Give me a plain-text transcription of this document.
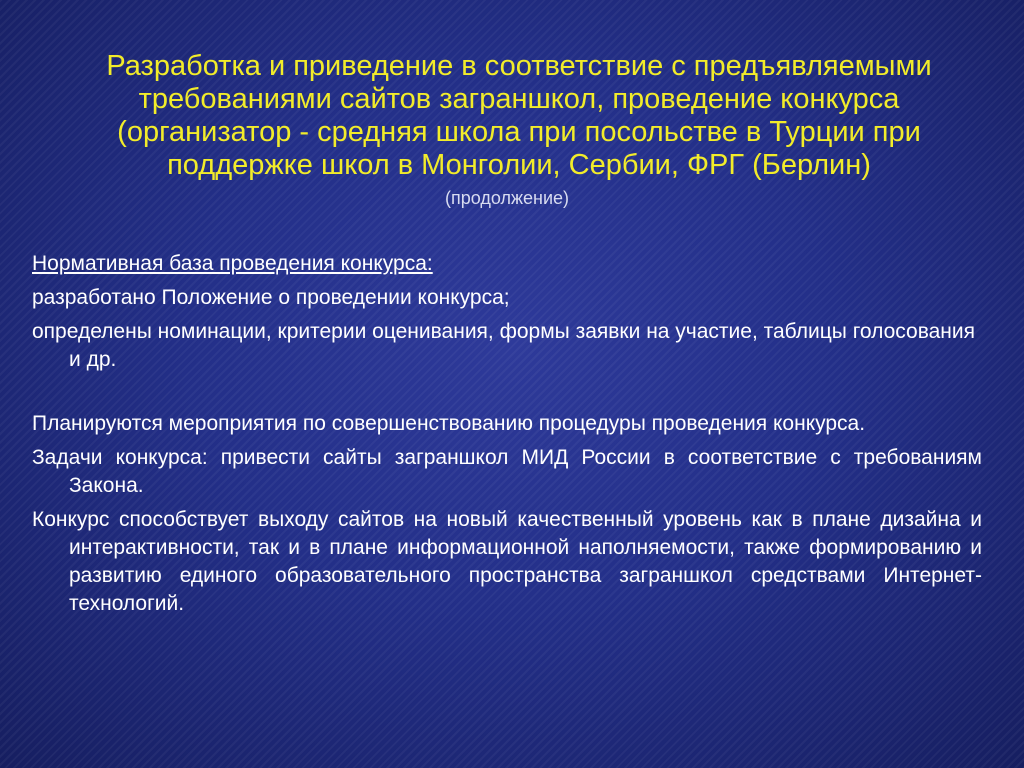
Разработка и приведение в соответствие с предъявляемыми
требованиями сайтов заграншкол, проведение конкурса
(организатор - средняя школа при посольстве в Турции при
поддержке школ в Монголии, Сербии, ФРГ (Берлин)
(продолжение)

Нормативная база проведения конкурса:

разработано Положение о проведении конкурса;

определены номинации, критерии оценивания, формы заявки на участие, таблицы голосования и др.

Планируются мероприятия по совершенствованию процедуры проведения конкурса.

Задачи конкурса: привести сайты заграншкол МИД России в соответствие с требованиям Закона.

Конкурс способствует выходу сайтов на новый качественный уровень как в плане дизайна и интерактивности, так и в плане информационной наполняемости, также формированию и развитию единого образовательного пространства заграншкол средствами Интернет-технологий.
